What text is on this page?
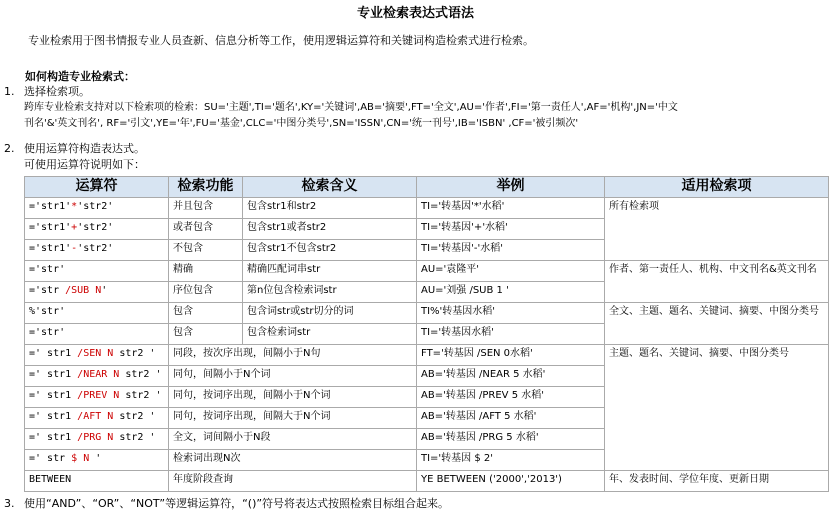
专业检索表达式语法
专业检索用于图书情报专业人员查新、信息分析等工作，使用逻辑运算符和关键词构造检索式进行检索。
如何构造专业检索式：
1. 选择检索项。
跨库专业检索支持对以下检索项的检索：SU='主题',TI='题名',KY='关键词',AB='摘要',FT='全文',AU='作者',FI='第一责任人',AF='机构',JN='中文
刊名'&'英文刊名', RF='引文',YE='年',FU='基金',CLC='中图分类号',SN='ISSN',CN='统一刊号',IB='ISBN' ,CF='被引频次'
2. 使用运算符构造表达式。
可使用运算符说明如下：
运算符	检索功能	检索含义	举例	适用检索项
='str1'*'str2'	并且包含	包含str1和str2	TI='转基因'*'水稻'	所有检索项
='str1'+'str2'	或者包含	包含str1或者str2	TI='转基因'+'水稻'	
='str1'-'str2'	不包含	包含str1不包含str2	TI='转基因'-'水稻'	
='str'	精确	精确匹配词串str	AU='袁隆平'	作者、第一责任人、机构、中文刊名&英文刊名
='str /SUB N'	序位包含	第n位包含检索词str	AU='刘强 /SUB 1 '	
%'str'	包含	包含词str或str切分的词	TI%'转基因水稻'	全文、主题、题名、关键词、摘要、中图分类号
='str'	包含	包含检索词str	TI='转基因水稻'	
=' str1 /SEN N str2 '	同段，按次序出现，间隔小于N句		FT='转基因 /SEN 0水稻'	主题、题名、关键词、摘要、中图分类号
=' str1 /NEAR N str2 '	同句，间隔小于N个词		AB='转基因 /NEAR 5 水稻'	
=' str1 /PREV N str2 '	同句，按词序出现，间隔小于N个词		AB='转基因 /PREV 5 水稻'	
=' str1 /AFT N str2 '	同句，按词序出现，间隔大于N个词		AB='转基因 /AFT 5 水稻'	
=' str1 /PRG N str2 '	全文，词间隔小于N段		AB='转基因 /PRG 5 水稻'	
=' str $ N '	检索词出现N次		TI='转基因 $ 2'	
BETWEEN	年度阶段查询		YE BETWEEN ('2000','2013')	年、发表时间、学位年度、更新日期
3. 使用“AND”、“OR”、“NOT”等逻辑运算符，“()”符号将表达式按照检索目标组合起来。
